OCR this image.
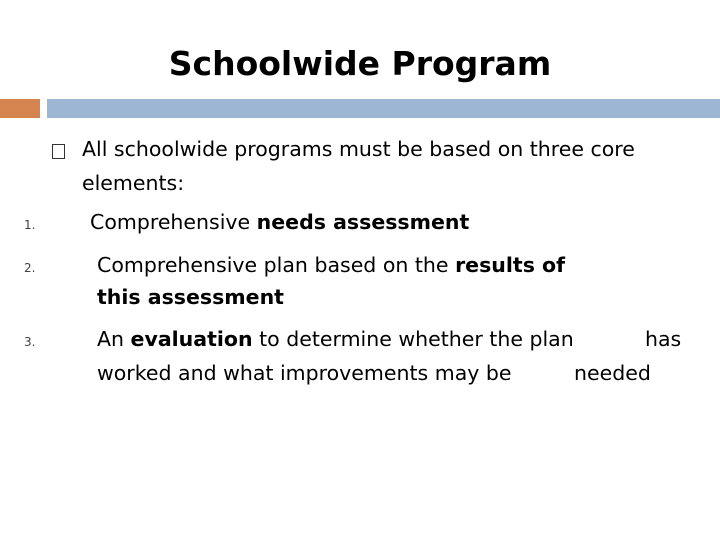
Schoolwide Program
All schoolwide programs must be based on three core
elements:
1.	Comprehensive needs assessment
2.	Comprehensive plan based on the results of
this assessment
3.	An evaluation to determine whether the plan	has
worked and what improvements may be	needed
